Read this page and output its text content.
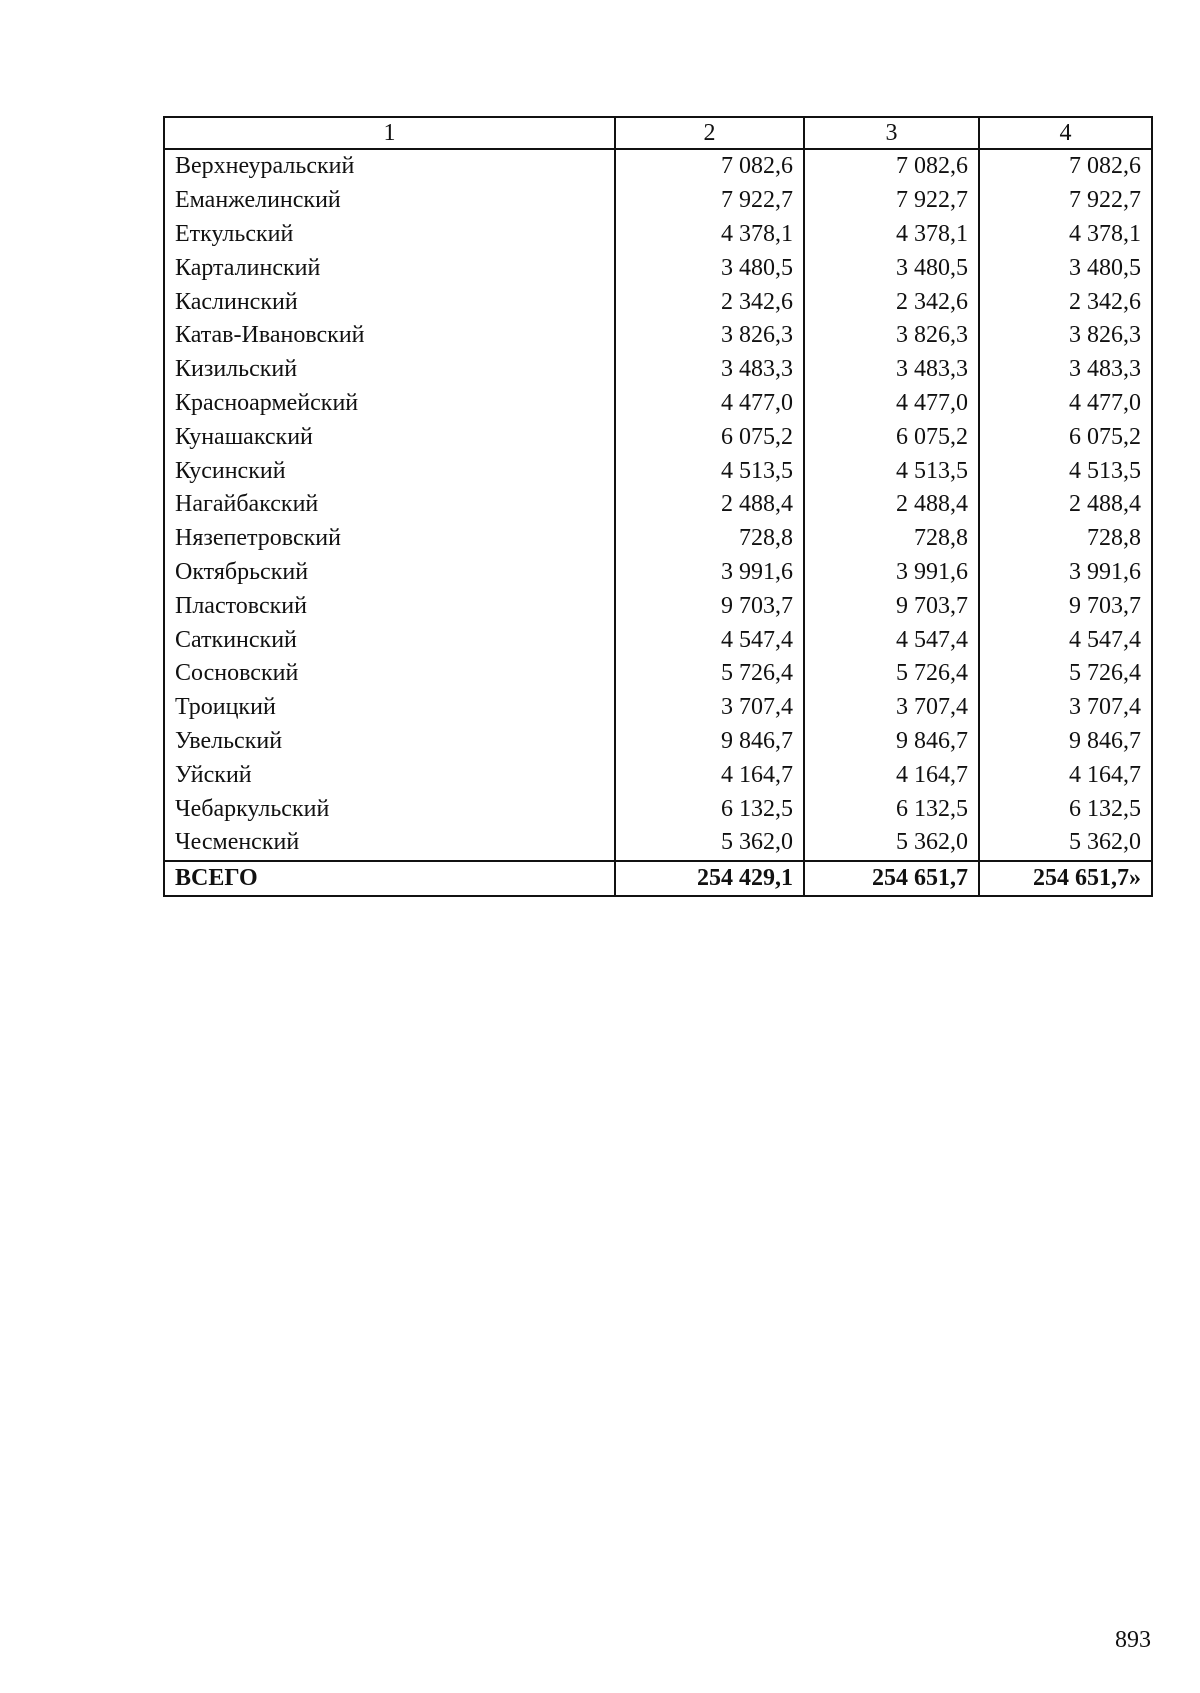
1	2	3	4
Верхнеуральский	7 082,6	7 082,6	7 082,6
Еманжелинский	7 922,7	7 922,7	7 922,7
Еткульский	4 378,1	4 378,1	4 378,1
Карталинский	3 480,5	3 480,5	3 480,5
Каслинский	2 342,6	2 342,6	2 342,6
Катав-Ивановский	3 826,3	3 826,3	3 826,3
Кизильский	3 483,3	3 483,3	3 483,3
Красноармейский	4 477,0	4 477,0	4 477,0
Кунашакский	6 075,2	6 075,2	6 075,2
Кусинский	4 513,5	4 513,5	4 513,5
Нагайбакский	2 488,4	2 488,4	2 488,4
Нязепетровский	728,8	728,8	728,8
Октябрьский	3 991,6	3 991,6	3 991,6
Пластовский	9 703,7	9 703,7	9 703,7
Саткинский	4 547,4	4 547,4	4 547,4
Сосновский	5 726,4	5 726,4	5 726,4
Троицкий	3 707,4	3 707,4	3 707,4
Увельский	9 846,7	9 846,7	9 846,7
Уйский	4 164,7	4 164,7	4 164,7
Чебаркульский	6 132,5	6 132,5	6 132,5
Чесменский	5 362,0	5 362,0	5 362,0
ВСЕГО	254 429,1	254 651,7	254 651,7»
893
